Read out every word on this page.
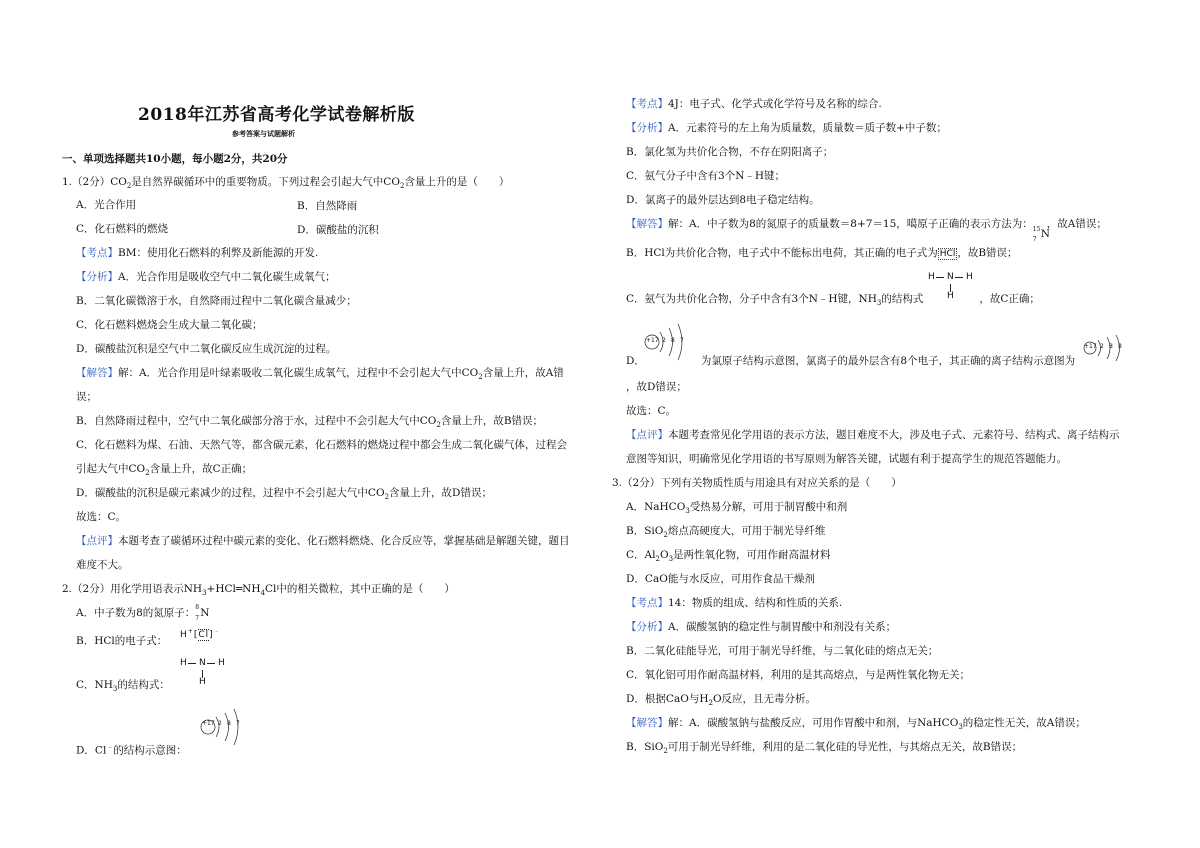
2018年江苏省高考化学试卷解析版
参考答案与试题解析
一、单项选择题共10小题，每小题2分，共20分
1.（2分）$CO_2$是自然界碳循环中的重要物质。下列过程会引起大气中$CO_2$含量上升的是（　　）
A．光合作用	B．自然降雨
C．化石燃料的燃烧	D．碳酸盐的沉积
【考点】BM：使用化石燃料的利弊及新能源的开发.
【分析】A．光合作用是吸收空气中二氧化碳生成氧气；
B．二氧化碳微溶于水，自然降雨过程中二氧化碳含量减少；
C．化石燃料燃烧会生成大量二氧化碳；
D．碳酸盐沉积是空气中二氧化碳反应生成沉淀的过程。
【解答】解：A．光合作用是叶绿素吸收二氧化碳生成氧气，过程中不会引起大气中$CO_2$含量上升，故A错
误；
B．自然降雨过程中，空气中二氧化碳部分溶于水，过程中不会引起大气中$CO_2$含量上升，故B错误；
C．化石燃料为煤、石油、天然气等，都含碳元素，化石燃料的燃烧过程中都会生成二氧化碳气体，过程会
引起大气中$CO_2$含量上升，故C正确；
D．碳酸盐的沉积是碳元素减少的过程，过程中不会引起大气中$CO_2$含量上升，故D错误；
故选：C。
【点评】本题考查了碳循环过程中碳元素的变化、化石燃料燃烧、化合反应等，掌握基础是解题关键，题目
难度不大。
2.（2分）用化学用语表示$NH_3+HCl═NH_4Cl$中的相关微粒，其中正确的是（　　）
A．中子数为8的氮原子： 8
7 N
B．HCl的电子式： H+[Cl]﹣
H N H
H
C．$NH_3$的结构式：
+17 2 8 7
D．Cl﹣的结构示意图：
【考点】4J：电子式、化学式或化学符号及名称的综合.
【分析】A．元素符号的左上角为质量数，质量数＝质子数+中子数；
B．氯化氢为共价化合物，不存在阴阳离子；
C．氨气分子中含有3个N﹣H键；
D．氯离子的最外层达到8电子稳定结构。
【解答】解：A．中子数为8的氮原子的质量数＝8+7＝15，噶原子正确的表示方法为： 15
7 N
，故A错误；
B．HCl为共价化合物，电子式中不能标出电荷，其正确的电子式为 HCl ，故B错误；
H N H
H
C．氨气为共价化合物，分子中含有3个N﹣H键，$NH_3$的结构式	，故C正确；
+17 2 8 7
D．	为氯原子结构示意图，氯离子的最外层含有8个电子，其正确的离子结构示意图为
+17 2 8 8
，故D错误；
故选：C。
【点评】本题考查常见化学用语的表示方法，题目难度不大，涉及电子式、元素符号、结构式、离子结构示
意图等知识，明确常见化学用语的书写原则为解答关键，试题有利于提高学生的规范答题能力。
3.（2分）下列有关物质性质与用途具有对应关系的是（　　）
A．NaHCO$_3$受热易分解，可用于制胃酸中和剂
B．SiO$_2$熔点高硬度大，可用于制光导纤维
C．$Al_2O_3$是两性氧化物，可用作耐高温材料
D．CaO能与水反应，可用作食品干燥剂
【考点】14：物质的组成、结构和性质的关系.
【分析】A．碳酸氢钠的稳定性与制胃酸中和剂没有关系；
B．二氧化硅能导光，可用于制光导纤维，与二氧化硅的熔点无关；
C．氧化铝可用作耐高温材料，利用的是其高熔点，与是两性氧化物无关；
D．根据CaO与$H_2O$反应，且无毒分析。
【解答】解：A．碳酸氢钠与盐酸反应，可用作胃酸中和剂，与NaHCO$_3$的稳定性无关，故A错误；
B．SiO$_2$可用于制光导纤维，利用的是二氧化硅的导光性，与其熔点无关，故B错误；
